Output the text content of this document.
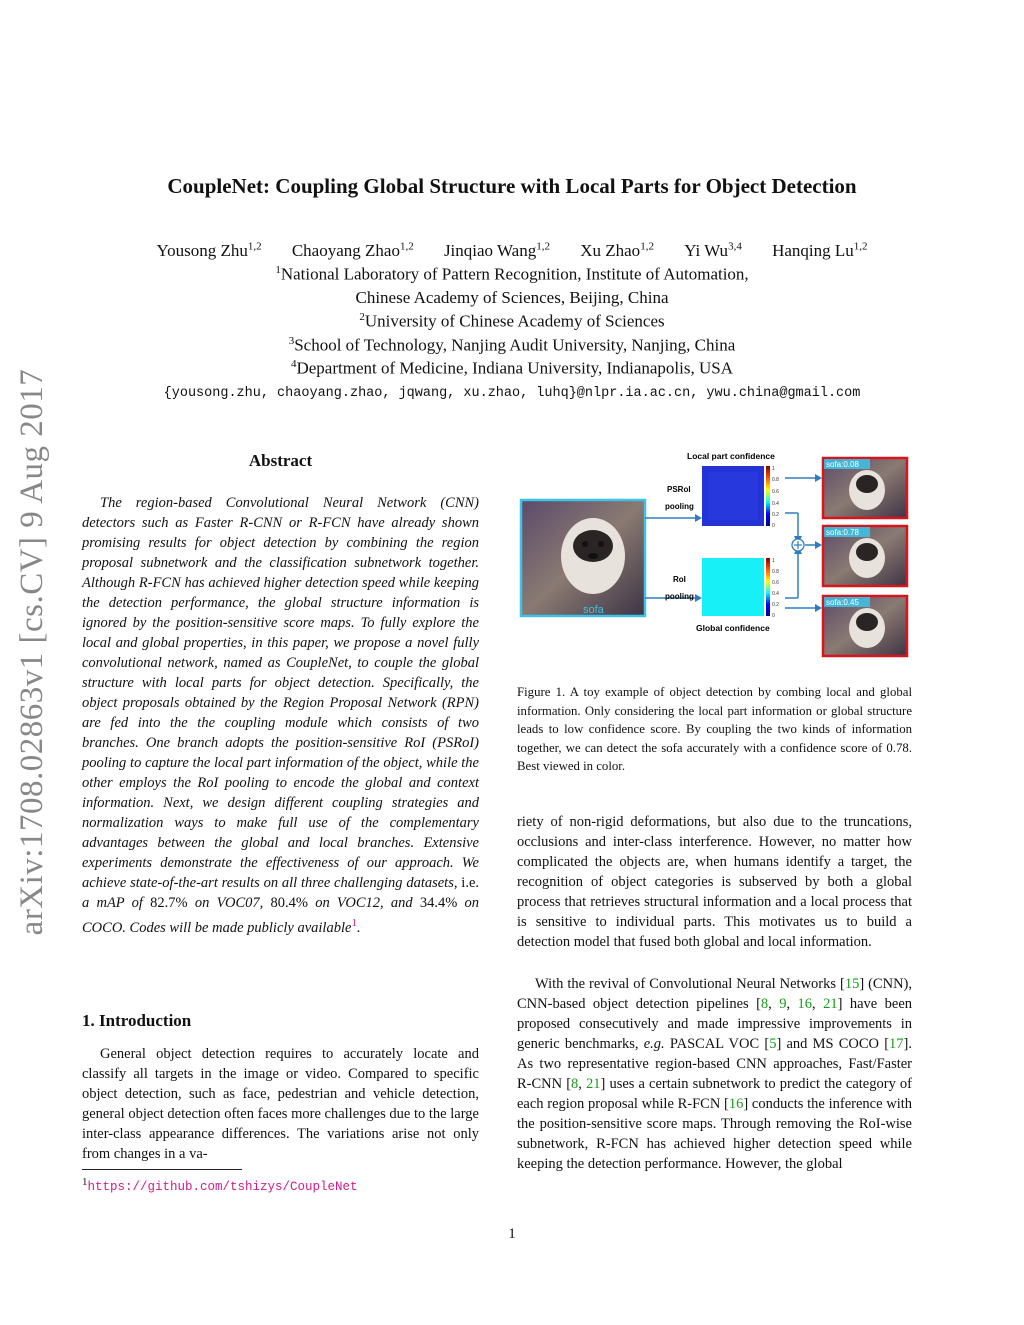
arXiv:1708.02863v1 [cs.CV] 9 Aug 2017
CoupleNet: Coupling Global Structure with Local Parts for Object Detection
Yousong Zhu$^{1,2}$ Chaoyang Zhao$^{1,2}$ Jinqiao Wang$^{1,2}$ Xu Zhao$^{1,2}$ Yi Wu$^{3,4}$ Hanqing Lu$^{1,2}$
$^1$National Laboratory of Pattern Recognition, Institute of Automation,
Chinese Academy of Sciences, Beijing, China
$^2$University of Chinese Academy of Sciences
$^3$School of Technology, Nanjing Audit University, Nanjing, China
$^4$Department of Medicine, Indiana University, Indianapolis, USA
{yousong.zhu, chaoyang.zhao, jqwang, xu.zhao, luhq}@nlpr.ia.ac.cn, ywu.china@gmail.com
Abstract
The region-based Convolutional Neural Network (CNN) detectors such as Faster R-CNN or R-FCN have already shown promising results for object detection by combining the region proposal subnetwork and the classification subnetwork together. Although R-FCN has achieved higher detection speed while keeping the detection performance, the global structure information is ignored by the position-sensitive score maps. To fully explore the local and global properties, in this paper, we propose a novel fully convolutional network, named as CoupleNet, to couple the global structure with local parts for object detection. Specifically, the object proposals obtained by the Region Proposal Network (RPN) are fed into the the coupling module which consists of two branches. One branch adopts the position-sensitive RoI (PSRoI) pooling to capture the local part information of the object, while the other employs the RoI pooling to encode the global and context information. Next, we design different coupling strategies and normalization ways to make full use of the complementary advantages between the global and local branches. Extensive experiments demonstrate the effectiveness of our approach. We achieve state-of-the-art results on all three challenging datasets, i.e. a mAP of 82.7% on VOC07, 80.4% on VOC12, and 34.4% on COCO. Codes will be made publicly available$^1$.
1. Introduction
General object detection requires to accurately locate and classify all targets in the image or video. Compared to specific object detection, such as face, pedestrian and vehicle detection, general object detection often faces more challenges due to the large inter-class appearance differences. The variations arise not only from changes in a va-
$^1$https://github.com/tshizys/CoupleNet
sofa
PSRoI
pooling
RoI
pooling
Local part confidence
1
0.8
0.6
0.4
0.2
0
1
0.8
0.6
0.4
0.2
0
Global confidence
sofa:0.08
sofa:0.78
sofa:0.45
Figure 1. A toy example of object detection by combing local and global information. Only considering the local part information or global structure leads to low confidence score. By coupling the two kinds of information together, we can detect the sofa accurately with a confidence score of 0.78. Best viewed in color.
riety of non-rigid deformations, but also due to the truncations, occlusions and inter-class interference. However, no matter how complicated the objects are, when humans identify a target, the recognition of object categories is subserved by both a global process that retrieves structural information and a local process that is sensitive to individual parts. This motivates us to build a detection model that fused both global and local information.
With the revival of Convolutional Neural Networks [15] (CNN), CNN-based object detection pipelines [8, 9, 16, 21] have been proposed consecutively and made impressive improvements in generic benchmarks, e.g. PASCAL VOC [5] and MS COCO [17]. As two representative region-based CNN approaches, Fast/Faster R-CNN [8, 21] uses a certain subnetwork to predict the category of each region proposal while R-FCN [16] conducts the inference with the position-sensitive score maps. Through removing the RoI-wise subnetwork, R-FCN has achieved higher detection speed while keeping the detection performance. However, the global
1
